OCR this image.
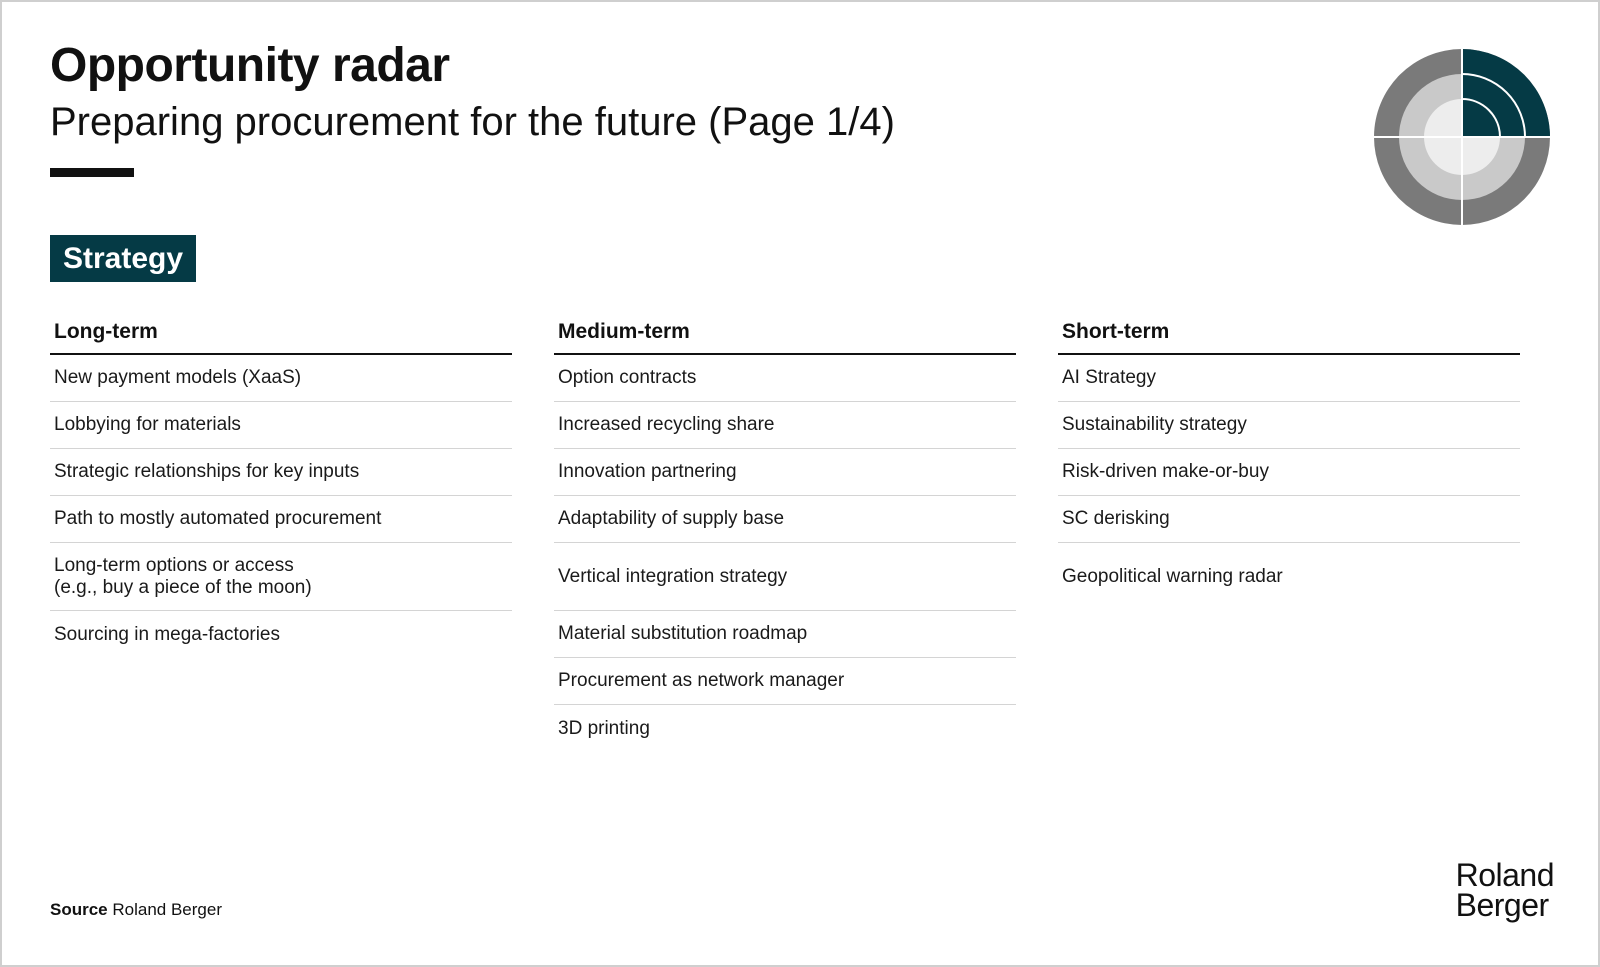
Opportunity radar
Preparing procurement for the future (Page 1/4)
Strategy
Long-term
New payment models (XaaS)
Lobbying for materials
Strategic relationships for key inputs
Path to mostly automated procurement
Long-term options or access
(e.g., buy a piece of the moon)
Sourcing in mega-factories
Medium-term
Option contracts
Increased recycling share
Innovation partnering
Adaptability of supply base
Vertical integration strategy
Material substitution roadmap
Procurement as network manager
3D printing
Short-term
AI Strategy
Sustainability strategy
Risk-driven make-or-buy
SC derisking
Geopolitical warning radar
Source Roland Berger
Roland
Berger
